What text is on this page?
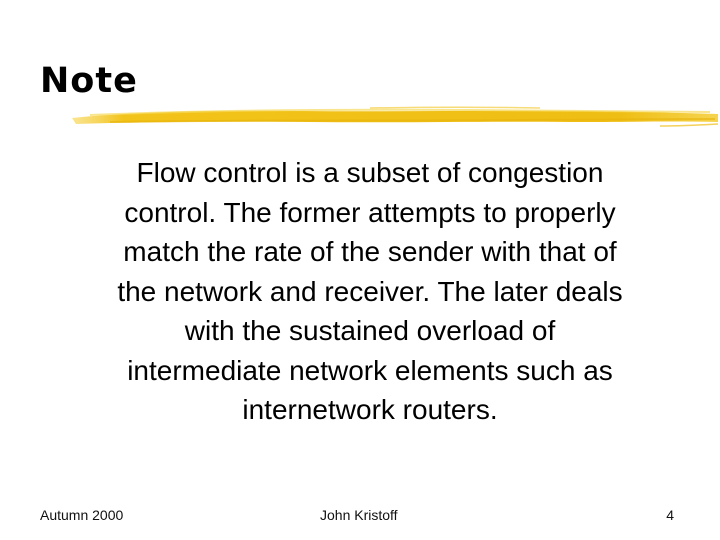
Note

Flow control is a subset of congestion
control. The former attempts to properly
match the rate of the sender with that of
the network and receiver. The later deals
with the sustained overload of
intermediate network elements such as
internetwork routers.

Autumn 2000	John Kristoff	4
